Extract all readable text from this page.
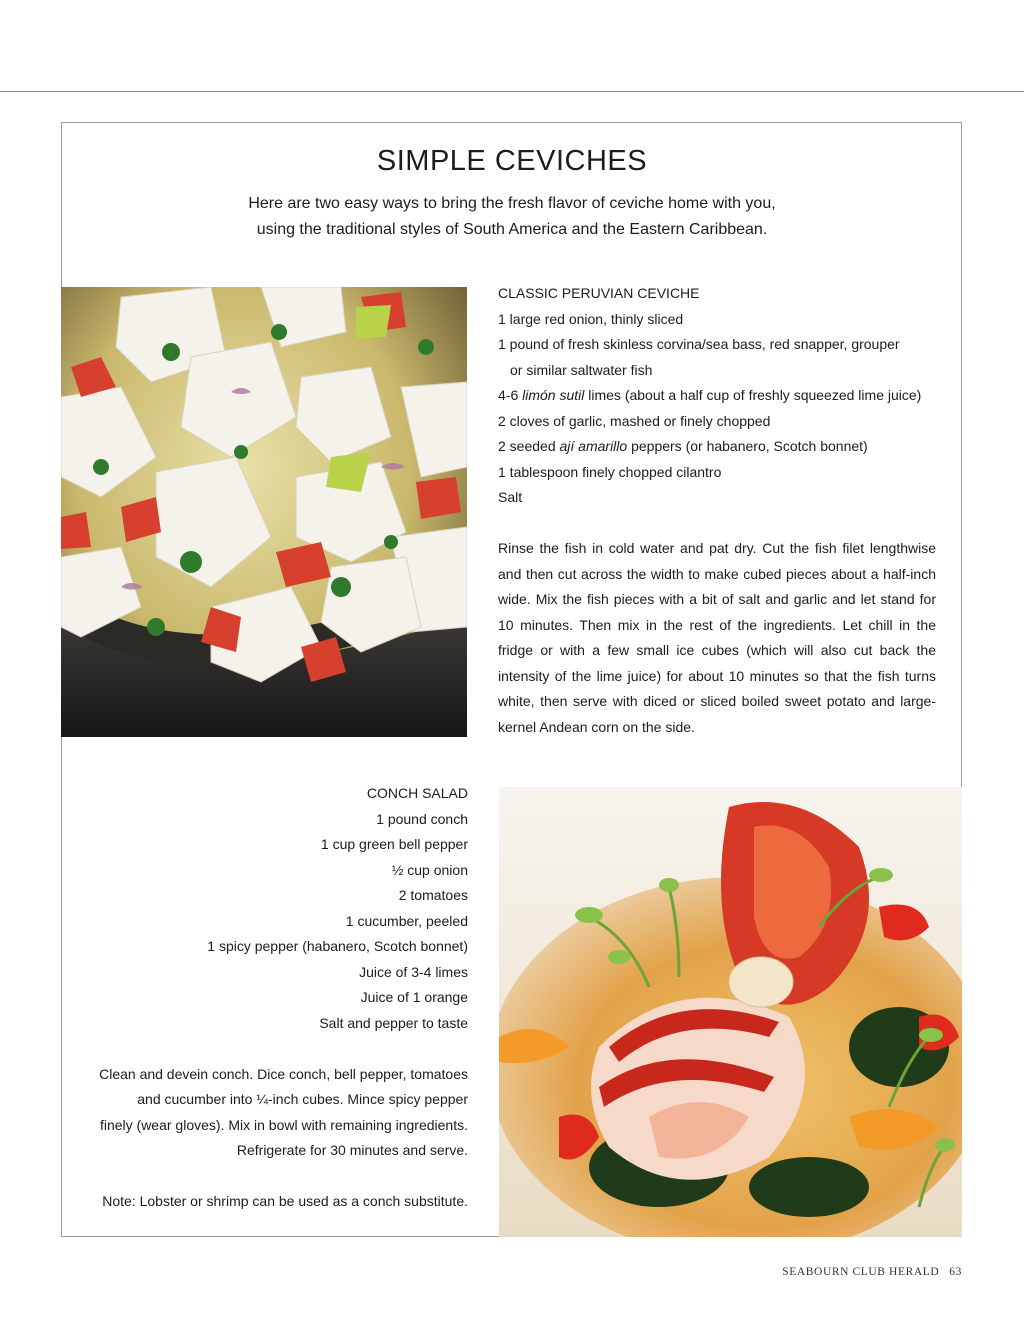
SIMPLE CEVICHES

Here are two easy ways to bring the fresh flavor of ceviche home with you,
using the traditional styles of South America and the Eastern Caribbean.

CLASSIC PERUVIAN CEVICHE

1 large red onion, thinly sliced

1 pound of fresh skinless corvina/sea bass, red snapper, grouper

or similar saltwater fish

4-6 limón sutil limes (about a half cup of freshly squeezed lime juice)

2 cloves of garlic, mashed or finely chopped

2 seeded ají amarillo peppers (or habanero, Scotch bonnet)

1 tablespoon finely chopped cilantro

Salt

Rinse the fish in cold water and pat dry. Cut the fish filet lengthwise and then cut across the width to make cubed pieces about a half-inch wide. Mix the fish pieces with a bit of salt and garlic and let stand for 10 minutes. Then mix in the rest of the ingredients. Let chill in the fridge or with a few small ice cubes (which will also cut back the intensity of the lime juice) for about 10 minutes so that the fish turns white, then serve with diced or sliced boiled sweet potato and large-kernel Andean corn on the side.

CONCH SALAD

1 pound conch

1 cup green bell pepper

½ cup onion

2 tomatoes

1 cucumber, peeled

1 spicy pepper (habanero, Scotch bonnet)

Juice of 3-4 limes

Juice of 1 orange

Salt and pepper to taste

Clean and devein conch. Dice conch, bell pepper, tomatoes

and cucumber into ¼-inch cubes. Mince spicy pepper

finely (wear gloves). Mix in bowl with remaining ingredients.

Refrigerate for 30 minutes and serve.

Note: Lobster or shrimp can be used as a conch substitute.

SEABOURN CLUB HERALD 63
